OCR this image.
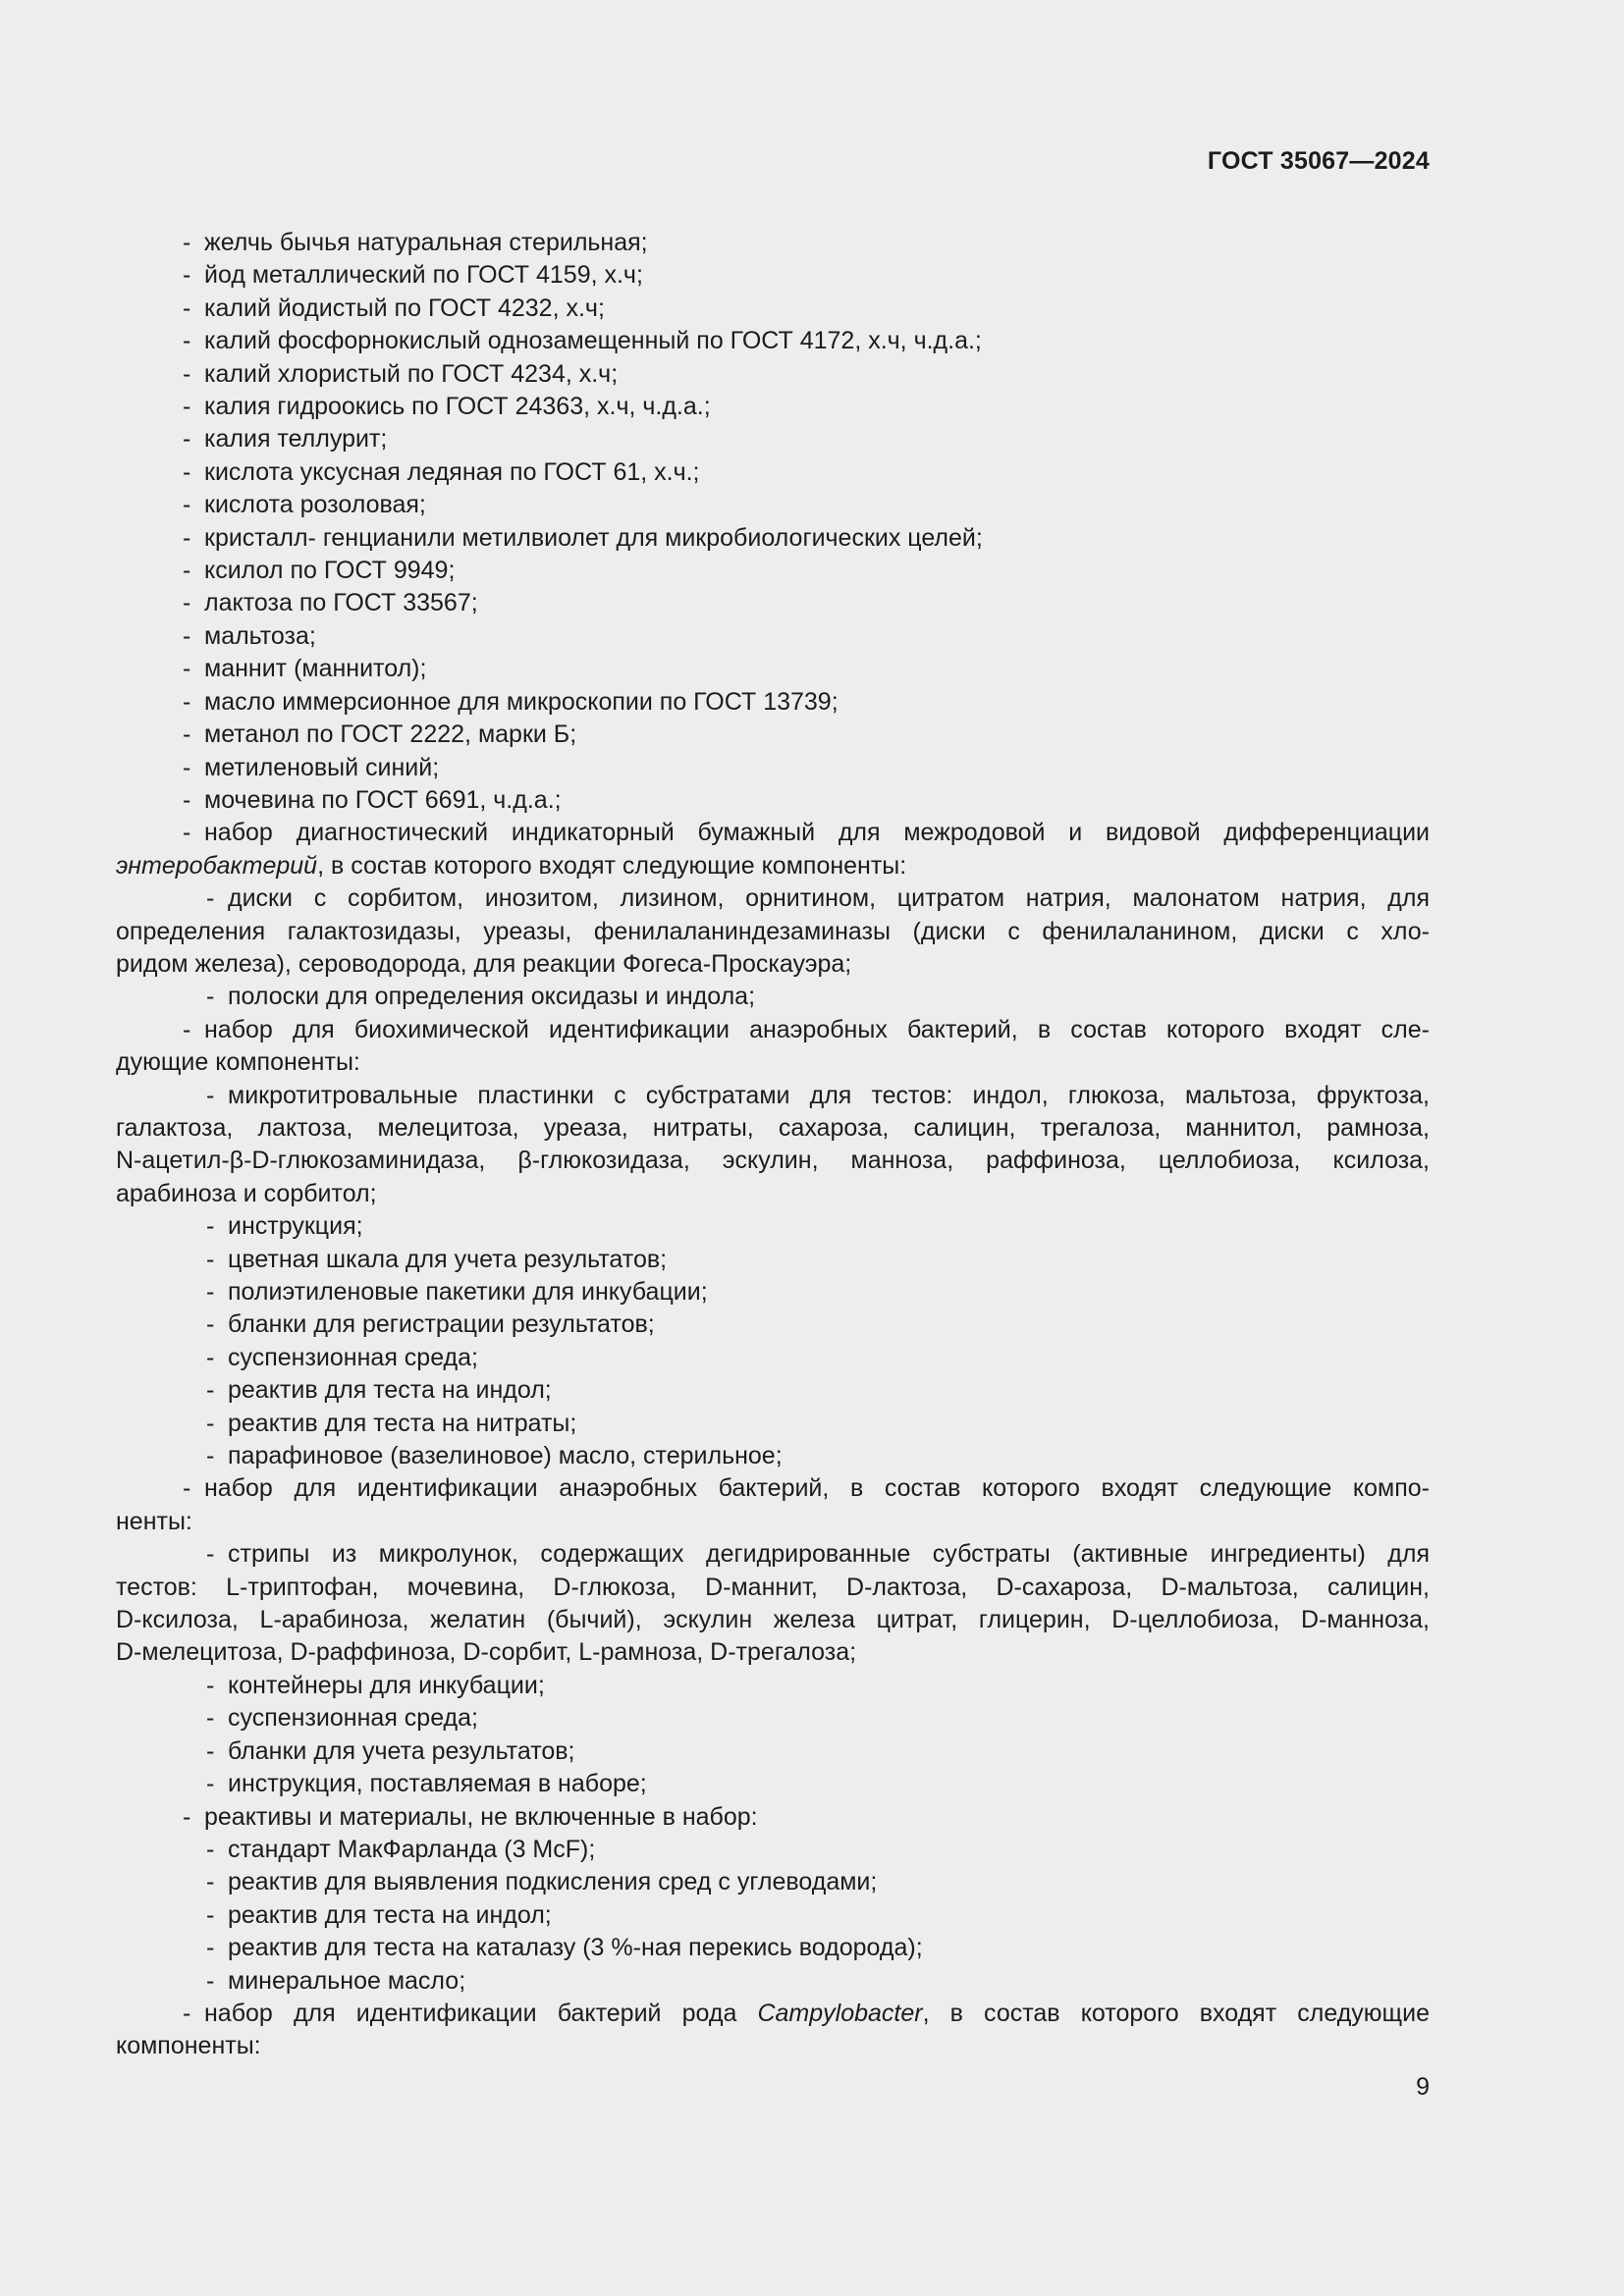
ГОСТ 35067—2024

- желчь бычья натуральная стерильная;

- йод металлический по ГОСТ 4159, х.ч;

- калий йодистый по ГОСТ 4232, х.ч;

- калий фосфорнокислый однозамещенный по ГОСТ 4172, х.ч, ч.д.а.;

- калий хлористый по ГОСТ 4234, х.ч;

- калия гидроокись по ГОСТ 24363, х.ч, ч.д.а.;

- калия теллурит;

- кислота уксусная ледяная по ГОСТ 61, х.ч.;

- кислота розоловая;

- кристалл- генцианили метилвиолет для микробиологических целей;

- ксилол по ГОСТ 9949;

- лактоза по ГОСТ 33567;

- мальтоза;

- маннит (маннитол);

- масло иммерсионное для микроскопии по ГОСТ 13739;

- метанол по ГОСТ 2222, марки Б;

- метиленовый синий;

- мочевина по ГОСТ 6691, ч.д.а.;

- набор диагностический индикаторный бумажный для межродовой и видовой дифференциации

энтеробактерий, в состав которого входят следующие компоненты:

- диски с сорбитом, инозитом, лизином, орнитином, цитратом натрия, малонатом натрия, для

определения галактозидазы, уреазы, фенилаланиндезаминазы (диски с фенилаланином, диски с хло-

ридом железа), сероводорода, для реакции Фогеса-Проскауэра;

- полоски для определения оксидазы и индола;

- набор для биохимической идентификации анаэробных бактерий, в состав которого входят сле-

дующие компоненты:

- микротитровальные пластинки с субстратами для тестов: индол, глюкоза, мальтоза, фруктоза,

галактоза, лактоза, мелецитоза, уреаза, нитраты, сахароза, салицин, трегалоза, маннитол, рамноза,

N-ацетил-β-D-глюкозаминидаза, β-глюкозидаза, эскулин, манноза, раффиноза, целлобиоза, ксилоза,

арабиноза и сорбитол;

- инструкция;

- цветная шкала для учета результатов;

- полиэтиленовые пакетики для инкубации;

- бланки для регистрации результатов;

- суспензионная среда;

- реактив для теста на индол;

- реактив для теста на нитраты;

- парафиновое (вазелиновое) масло, стерильное;

- набор для идентификации анаэробных бактерий, в состав которого входят следующие компо-

ненты:

- стрипы из микролунок, содержащих дегидрированные субстраты (активные ингредиенты) для

тестов: L-триптофан, мочевина, D-глюкоза, D-маннит, D-лактоза, D-сахароза, D-мальтоза, салицин,

D-ксилоза, L-арабиноза, желатин (бычий), эскулин железа цитрат, глицерин, D-целлобиоза, D-манноза,

D-мелецитоза, D-раффиноза, D-сорбит, L-рамноза, D-трегалоза;

- контейнеры для инкубации;

- суспензионная среда;

- бланки для учета результатов;

- инструкция, поставляемая в наборе;

- реактивы и материалы, не включенные в набор:

- стандарт МакФарланда (3 McF);

- реактив для выявления подкисления сред с углеводами;

- реактив для теста на индол;

- реактив для теста на каталазу (3 %-ная перекись водорода);

- минеральное масло;

- набор для идентификации бактерий рода Campylobacter, в состав которого входят следующие

компоненты:

9
